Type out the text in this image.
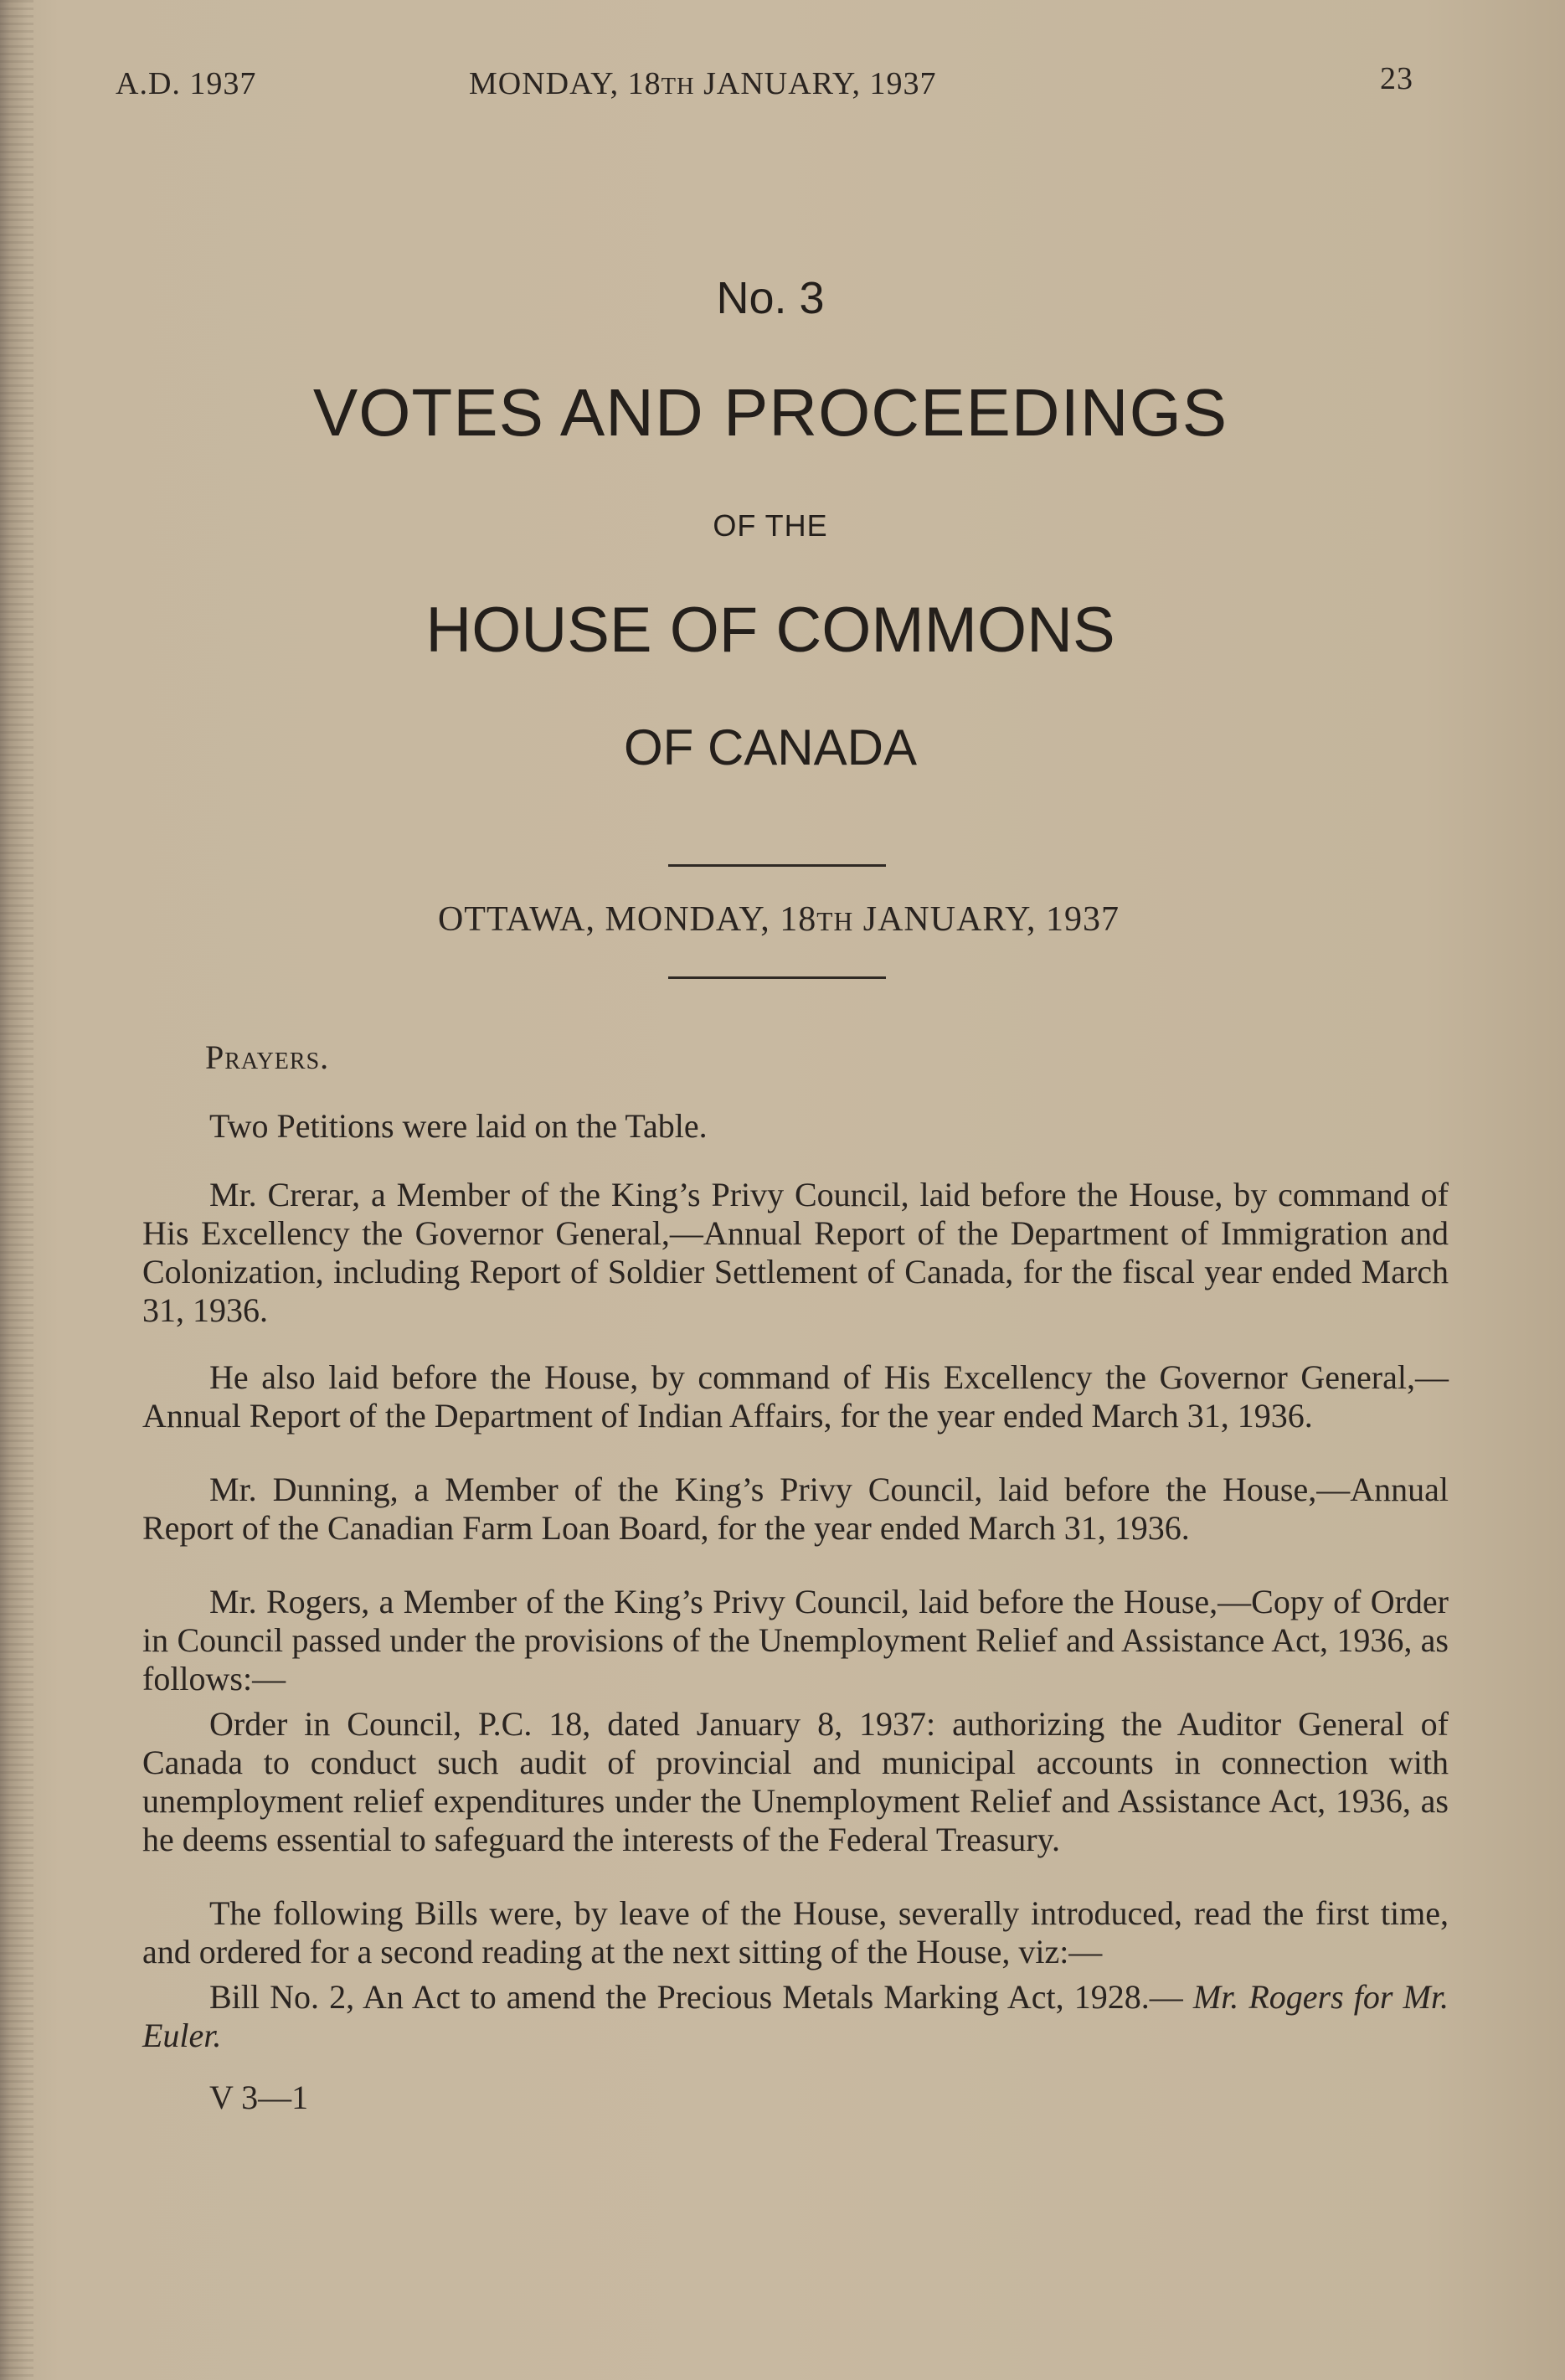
A.D. 1937	MONDAY, 18TH JANUARY, 1937	23
No. 3
VOTES AND PROCEEDINGS
OF THE
HOUSE OF COMMONS
OF CANADA
OTTAWA, MONDAY, 18TH JANUARY, 1937

Prayers.

Two Petitions were laid on the Table.

Mr. Crerar, a Member of the King’s Privy Council, laid before the House, by command of His Excellency the Governor General,—Annual Report of the Department of Immigration and Colonization, including Report of Soldier Settlement of Canada, for the fiscal year ended March 31, 1936.

He also laid before the House, by command of His Excellency the Governor General,—Annual Report of the Department of Indian Affairs, for the year ended March 31, 1936.

Mr. Dunning, a Member of the King’s Privy Council, laid before the House,—Annual Report of the Canadian Farm Loan Board, for the year ended March 31, 1936.

Mr. Rogers, a Member of the King’s Privy Council, laid before the House,—Copy of Order in Council passed under the provisions of the Unemployment Relief and Assistance Act, 1936, as follows:—

Order in Council, P.C. 18, dated January 8, 1937: authorizing the Auditor General of Canada to conduct such audit of provincial and municipal accounts in connection with unemployment relief expenditures under the Unemployment Relief and Assistance Act, 1936, as he deems essential to safeguard the interests of the Federal Treasury.

The following Bills were, by leave of the House, severally introduced, read the first time, and ordered for a second reading at the next sitting of the House, viz:—

Bill No. 2, An Act to amend the Precious Metals Marking Act, 1928.— Mr. Rogers for Mr. Euler.

V 3—1
